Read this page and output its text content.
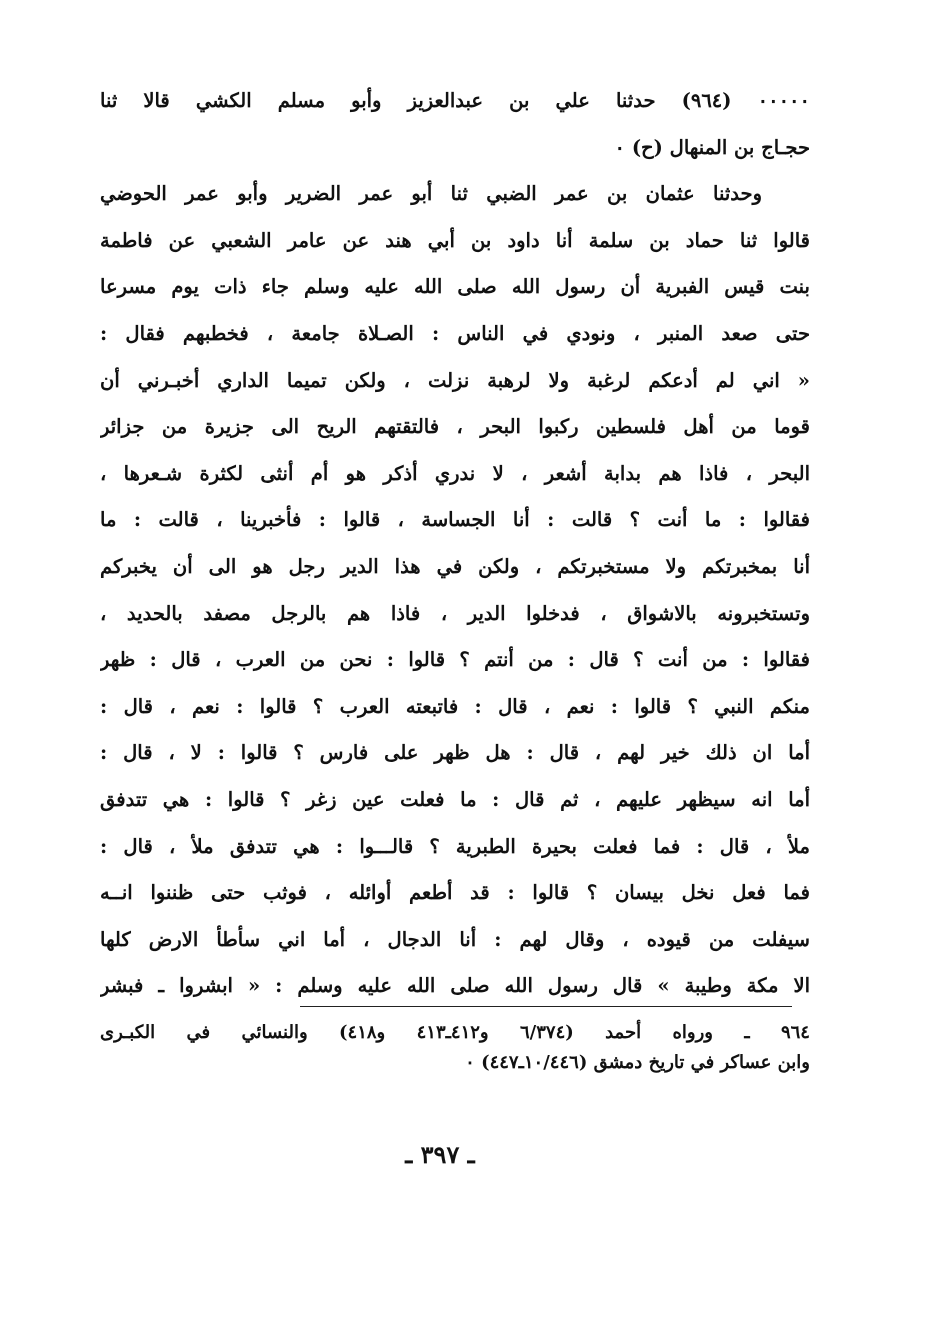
٠٠٠٠٠ (٩٦٤) حدثنا علي بن عبدالعزيز وأبو مسلم الكشي قالا ثنا
حجـاج بن المنهال (ح) ٠
وحدثنا عثمان بن عمر الضبي ثنا أبو عمر الضرير وأبو عمر الحوضي
قالوا ثنا حماد بن سلمة أنا داود بن أبي هند عن عامر الشعبي عن فاطمة
بنت قيس الفبرية أن رسول الله صلى الله عليه وسلم جاء ذات يوم مسرعا
حتى صعد المنبر ، ونودي في الناس : الصـلاة جامعة ، فخطبهم فقال :
« اني لم أدعكم لرغبة ولا لرهبة نزلت ، ولكن تميما الداري أخبـرني أن
قوما من أهل فلسطين ركبوا البحر ، فالتقتهم الريح الى جزيرة من جزائر
البحر ، فاذا هم بدابة أشعر ، لا ندري أذكر هو أم أنثى لكثرة شـعرها ،
فقالوا : ما أنت ؟ قالت : أنا الجساسة ، قالوا : فأخبرينا ، قالت : ما
أنا بمخبرتكم ولا مستخبرتكم ، ولكن في هذا الدير رجل هو الى أن يخبركم
وتستخبرونه بالاشواق ، فدخلوا الدير ، فاذا هم بالرجل مصفد بالحديد ،
فقالوا : من أنت ؟ قال : من أنتم ؟ قالوا : نحن من العرب ، قال : ظهر
منكم النبي ؟ قالوا : نعم ، قال : فاتبعته العرب ؟ قالوا : نعم ، قال :
أما ان ذلك خير لهم ، قال : هل ظهر على فارس ؟ قالوا : لا ، قال :
أما انه سيظهر عليهم ، ثم قال : ما فعلت عين زغر ؟ قالوا : هي تتدفق
ملأ ، قال : فما فعلت بحيرة الطبرية ؟ قالـــوا : هي تتدفق ملأ ، قال :
فما فعل نخل بيسان ؟ قالوا : قد أطعم أوائله ، فوثب حتى ظننوا انــه
سيفلت من قيوده ، وقال لهم : أنا الدجال ، أما اني سأطأ الارض كلها
الا مكة وطيبة » قال رسول الله صلى الله عليه وسلم : « ابشروا ـ فبشر
٩٦٤ ـ ورواه أحمد (٦/٣٧٤ و٤١٢ـ٤١٣ و٤١٨) والنسائي في الكبـرى
وابن عساكر في تاريخ دمشق (١٠/٤٤٦ـ٤٤٧) ٠
ـ ٣٩٧ ـ
